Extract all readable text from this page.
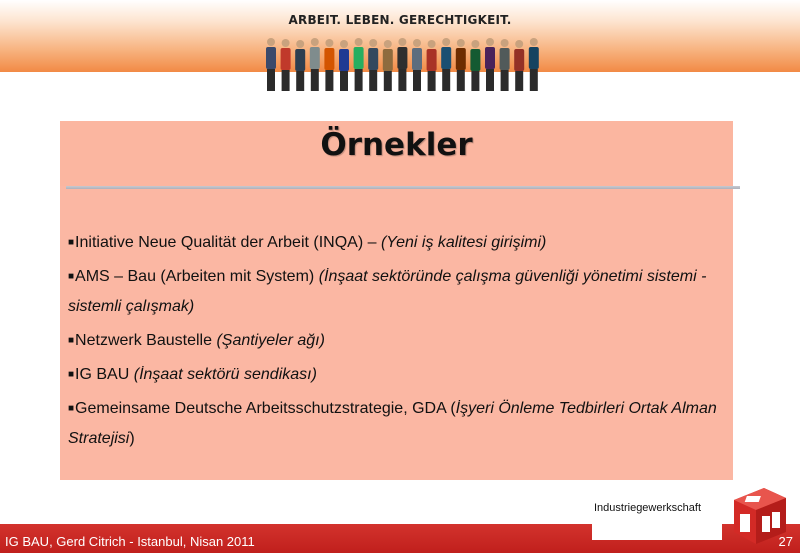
ARBEIT. LEBEN. GERECHTIGKEIT.
Örnekler
■Initiative Neue Qualität der Arbeit (INQA) – (Yeni iş kalitesi girişimi)
■AMS – Bau (Arbeiten mit System) (İnşaat sektöründe çalışma güvenliği yönetimi sistemi - sistemli çalışmak)
■Netzwerk Baustelle (Şantiyeler ağı)
■IG BAU (İnşaat sektörü sendikası)
■Gemeinsame Deutsche Arbeitsschutzstrategie, GDA (İşyeri Önleme Tedbirleri Ortak Alman Stratejisi)
IG BAU, Gerd Citrich - Istanbul, Nisan 2011	27
Industriegewerkschaft
Bauen-Agrar-Umwelt
